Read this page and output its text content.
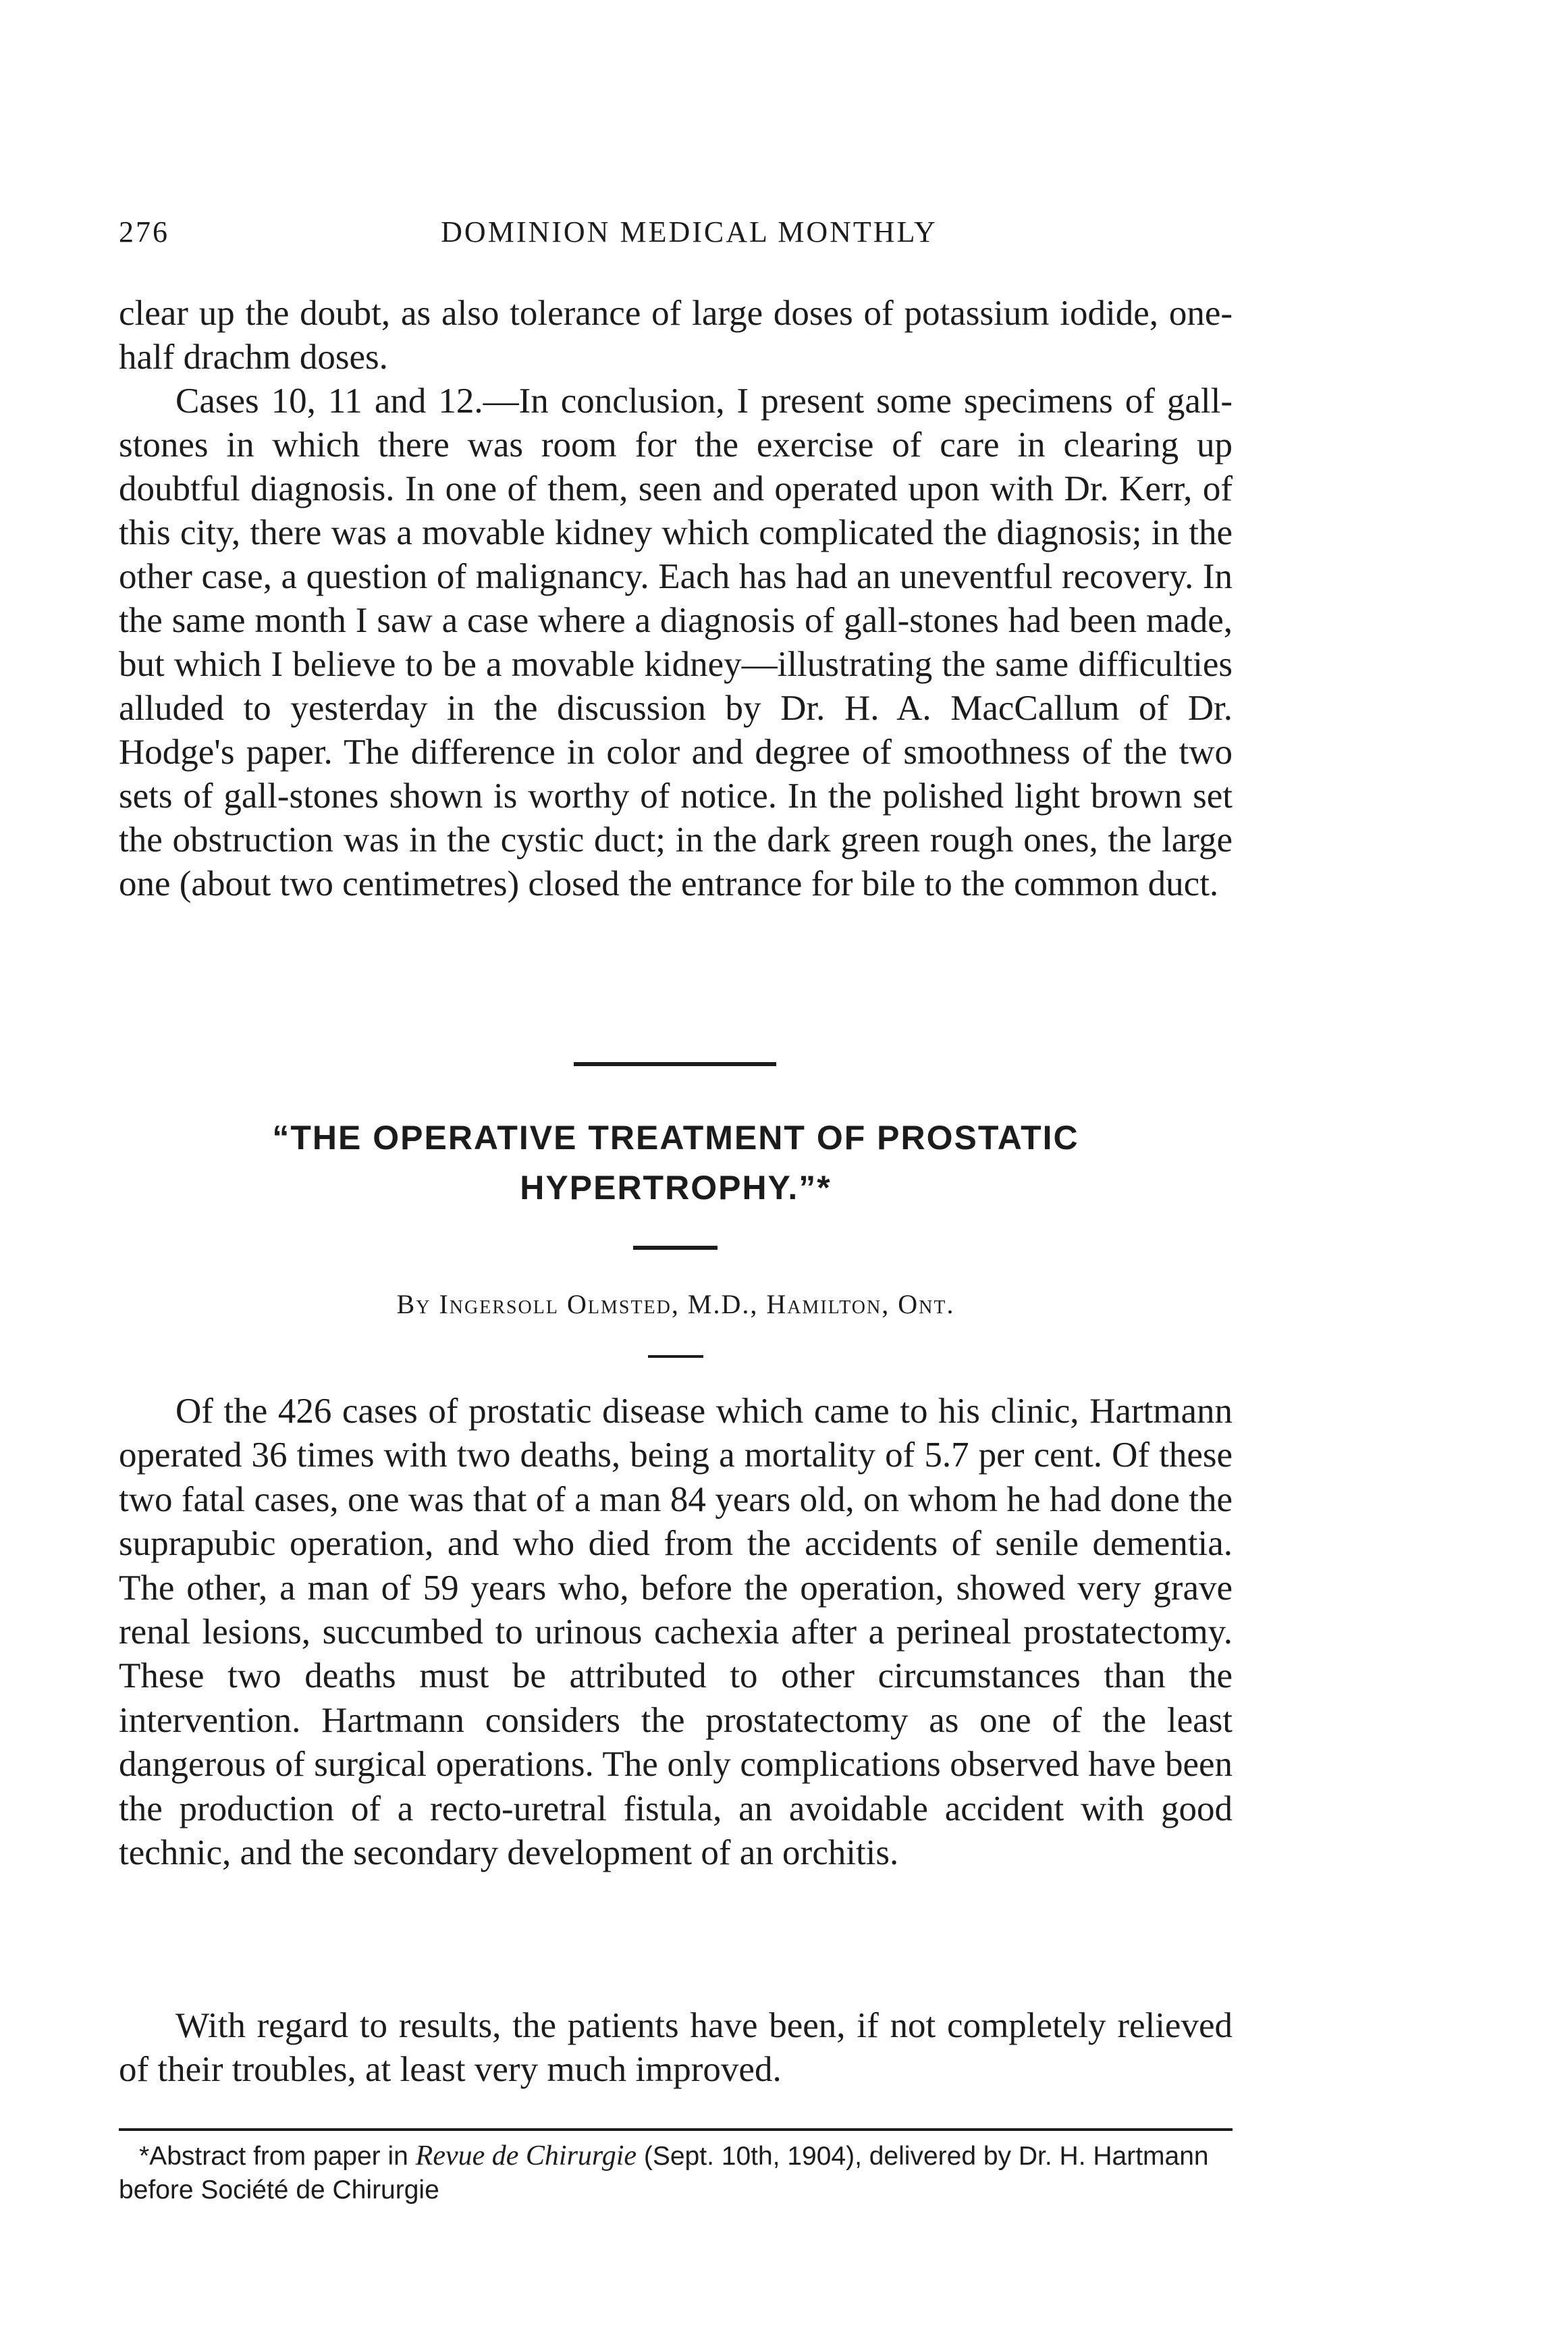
276	DOMINION MEDICAL MONTHLY

clear up the doubt, as also tolerance of large doses of potassium iodide, one-half drachm doses.

Cases 10, 11 and 12.—In conclusion, I present some specimens of gall-stones in which there was room for the exercise of care in clearing up doubtful diagnosis. In one of them, seen and operated upon with Dr. Kerr, of this city, there was a movable kidney which complicated the diagnosis; in the other case, a question of malignancy. Each has had an uneventful recovery. In the same month I saw a case where a diagnosis of gall-stones had been made, but which I believe to be a movable kidney—illustrating the same difficulties alluded to yesterday in the discussion by Dr. H. A. MacCallum of Dr. Hodge's paper. The difference in color and degree of smoothness of the two sets of gall-stones shown is worthy of notice. In the polished light brown set the obstruction was in the cystic duct; in the dark green rough ones, the large one (about two centimetres) closed the entrance for bile to the common duct.

“THE OPERATIVE TREATMENT OF PROSTATIC
HYPERTROPHY.”*

By Ingersoll Olmsted, M.D., Hamilton, Ont.

Of the 426 cases of prostatic disease which came to his clinic, Hartmann operated 36 times with two deaths, being a mortality of 5.7 per cent. Of these two fatal cases, one was that of a man 84 years old, on whom he had done the suprapubic operation, and who died from the accidents of senile dementia. The other, a man of 59 years who, before the operation, showed very grave renal lesions, succumbed to urinous cachexia after a perineal prostatectomy. These two deaths must be attributed to other circumstances than the intervention. Hartmann considers the prostatectomy as one of the least dangerous of surgical operations. The only complications observed have been the production of a recto-uretral fistula, an avoidable accident with good technic, and the secondary development of an orchitis.

With regard to results, the patients have been, if not completely relieved of their troubles, at least very much improved.

*Abstract from paper in Revue de Chirurgie (Sept. 10th, 1904), delivered by Dr. H. Hartmann before Société de Chirurgie
